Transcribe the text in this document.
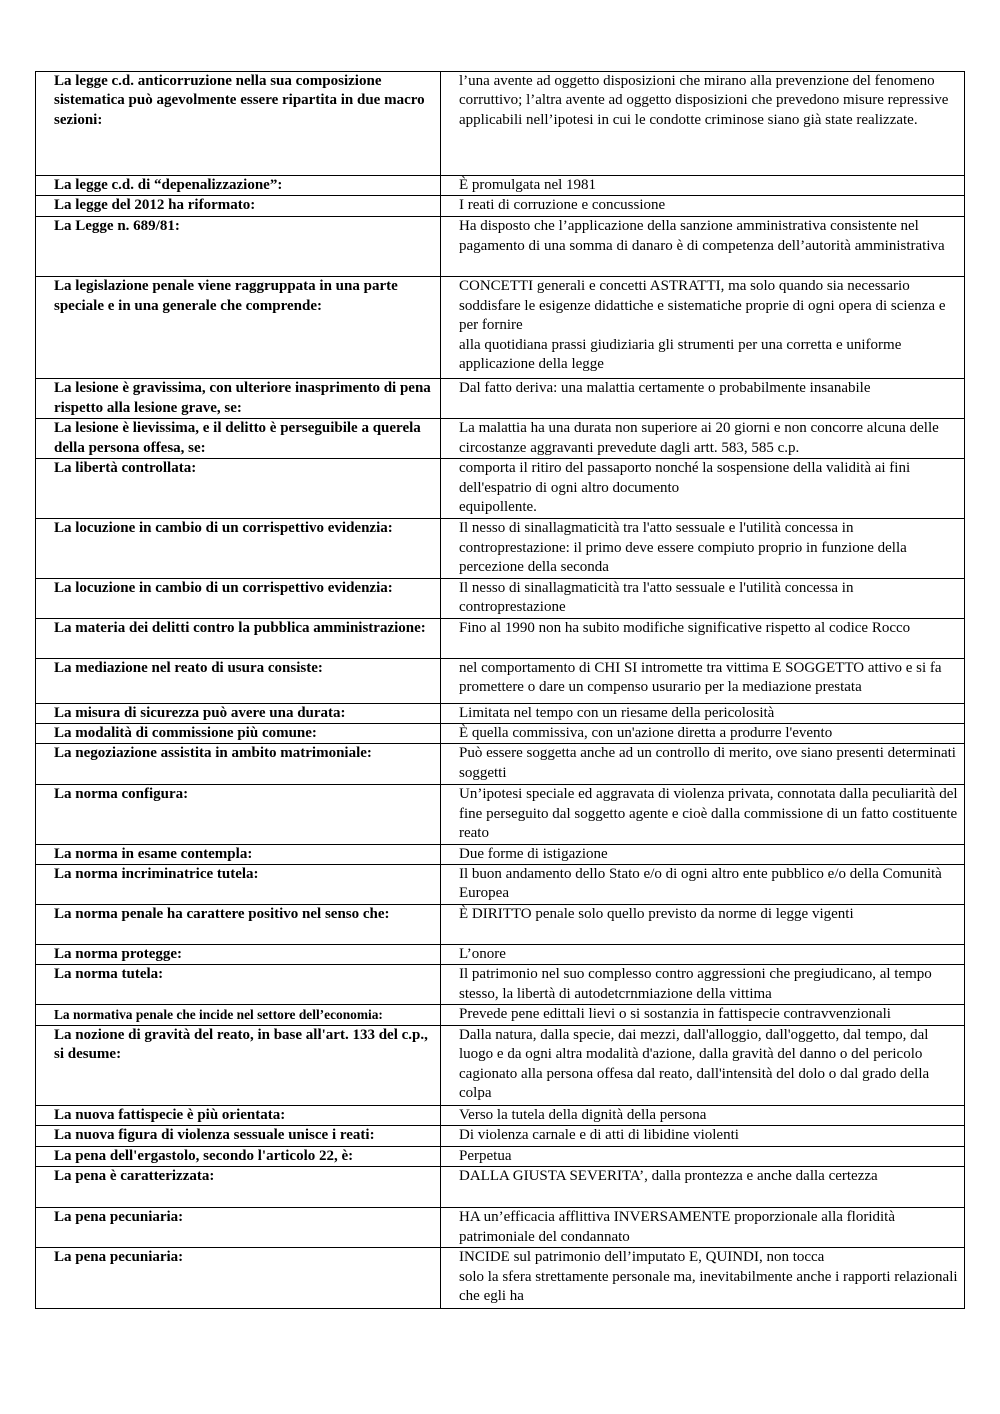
La legge c.d. anticorruzione nella sua composizione sistematica può agevolmente essere ripartita in due macro sezioni:	l’una avente ad oggetto disposizioni che mirano alla prevenzione del fenomeno corruttivo; l’altra avente ad oggetto disposizioni che prevedono misure repressive
applicabili nell’ipotesi in cui le condotte criminose siano già state realizzate.
La legge c.d. di “depenalizzazione”:	È promulgata nel 1981
La legge del 2012 ha riformato:	I reati di corruzione e concussione
La Legge n. 689/81:	Ha disposto che l’applicazione della sanzione amministrativa consistente nel pagamento di una somma di danaro è di competenza dell’autorità amministrativa
La legislazione penale viene raggruppata in una parte speciale e in una generale che comprende:	CONCETTI generali e concetti ASTRATTI, ma solo quando sia necessario soddisfare le esigenze didattiche e sistematiche proprie di ogni opera di scienza e per fornire
alla quotidiana prassi giudiziaria gli strumenti per una corretta e uniforme applicazione della legge
La lesione è gravissima, con ulteriore inasprimento di pena rispetto alla lesione grave, se:	Dal fatto deriva: una malattia certamente o probabilmente insanabile
La lesione è lievissima, e il delitto è perseguibile a querela della persona offesa, se:	La malattia ha una durata non superiore ai 20 giorni e non concorre alcuna delle circostanze aggravanti prevedute dagli artt. 583, 585 c.p.
La libertà controllata:	comporta il ritiro del passaporto nonché la sospensione della validità ai fini dell'espatrio di ogni altro documento
equipollente.
La locuzione in cambio di un corrispettivo evidenzia:	Il nesso di sinallagmaticità tra l'atto sessuale e l'utilità concessa in controprestazione: il primo deve essere compiuto proprio in funzione della percezione della seconda
La locuzione in cambio di un corrispettivo evidenzia:	Il nesso di sinallagmaticità tra l'atto sessuale e l'utilità concessa in controprestazione
La materia dei delitti contro la pubblica amministrazione:	Fino al 1990 non ha subito modifiche significative rispetto al codice Rocco
La mediazione nel reato di usura consiste:	nel comportamento di CHI SI intromette tra vittima E SOGGETTO attivo e si fa promettere o dare un compenso usurario per la mediazione prestata
La misura di sicurezza può avere una durata:	Limitata nel tempo con un riesame della pericolosità
La modalità di commissione più comune:	È quella commissiva, con un'azione diretta a produrre l'evento
La negoziazione assistita in ambito matrimoniale:	Può essere soggetta anche ad un controllo di merito, ove siano presenti determinati soggetti
La norma configura:	Un’ipotesi speciale ed aggravata di violenza privata, connotata dalla peculiarità del fine perseguito dal soggetto agente e cioè dalla commissione di un fatto costituente reato
La norma in esame contempla:	Due forme di istigazione
La norma incriminatrice tutela:	Il buon andamento dello Stato e/o di ogni altro ente pubblico e/o della Comunità Europea
La norma penale ha carattere positivo nel senso che:	È DIRITTO penale solo quello previsto da norme di legge vigenti
La norma protegge:	L’onore
La norma tutela:	Il patrimonio nel suo complesso contro aggressioni che pregiudicano, al tempo stesso, la libertà di autodetcrnmiazione della vittima
La normativa penale che incide nel settore dell’economia:	Prevede pene edittali lievi o si sostanzia in fattispecie contravvenzionali
La nozione di gravità del reato, in base all'art. 133 del c.p., si desume:	Dalla natura, dalla specie, dai mezzi, dall'alloggio, dall'oggetto, dal tempo, dal luogo e da ogni altra modalità d'azione, dalla gravità del danno o del pericolo cagionato alla persona offesa dal reato, dall'intensità del dolo o dal grado della colpa
La nuova fattispecie è più orientata:	Verso la tutela della dignità della persona
La nuova figura di violenza sessuale unisce i reati:	Di violenza carnale e di atti di libidine violenti
La pena dell'ergastolo, secondo l'articolo 22, è:	Perpetua
La pena è caratterizzata:	DALLA GIUSTA SEVERITA’, dalla prontezza e anche dalla certezza
La pena pecuniaria:	HA un’efficacia afflittiva INVERSAMENTE proporzionale alla floridità patrimoniale del condannato
La pena pecuniaria:	INCIDE sul patrimonio dell’imputato E, QUINDI, non tocca
solo la sfera strettamente personale ma, inevitabilmente anche i rapporti relazionali che egli ha
